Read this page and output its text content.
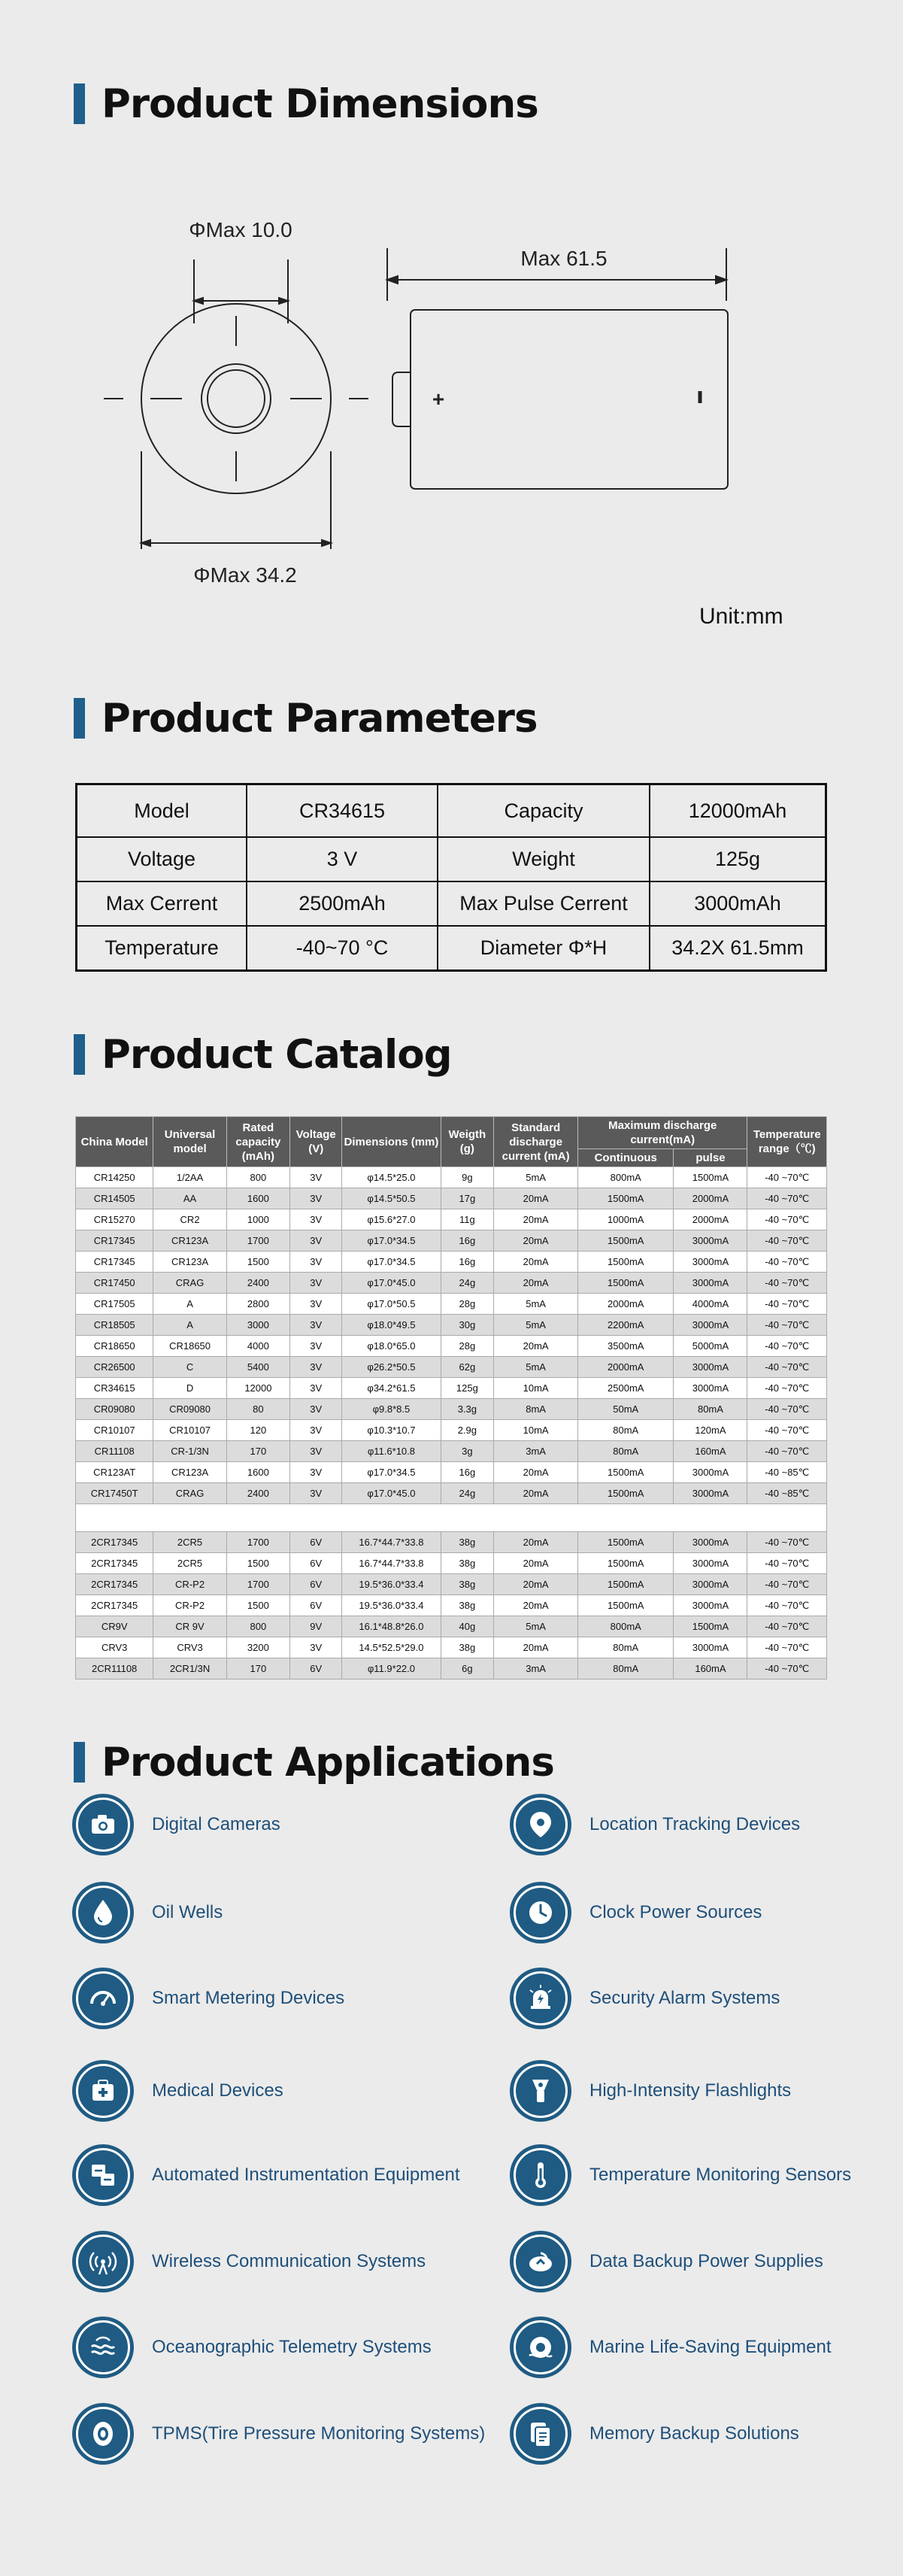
Product Dimensions
ΦMax 10.0
ΦMax 34.2
Max 61.5
+
Unit:mm
Product Parameters
Model	CR34615	Capacity	12000mAh
Voltage	3 V	Weight	125g
Max Cerrent	2500mAh	Max Pulse Cerrent	3000mAh
Temperature	-40~70 °C	Diameter Φ*H	34.2X 61.5mm
Product Catalog
China Model	Universal model	Rated capacity (mAh)	Voltage (V)	Dimensions (mm)	Weigth (g)	Standard discharge current (mA)	Maximum discharge current(mA)		Temperature range（℃)
							Continuous	pulse	
CR14250	1/2AA	800	3V	φ14.5*25.0	9g	5mA	800mA	1500mA	-40 ~70℃
CR14505	AA	1600	3V	φ14.5*50.5	17g	20mA	1500mA	2000mA	-40 ~70℃
CR15270	CR2	1000	3V	φ15.6*27.0	11g	20mA	1000mA	2000mA	-40 ~70℃
CR17345	CR123A	1700	3V	φ17.0*34.5	16g	20mA	1500mA	3000mA	-40 ~70℃
CR17345	CR123A	1500	3V	φ17.0*34.5	16g	20mA	1500mA	3000mA	-40 ~70℃
CR17450	CRAG	2400	3V	φ17.0*45.0	24g	20mA	1500mA	3000mA	-40 ~70℃
CR17505	A	2800	3V	φ17.0*50.5	28g	5mA	2000mA	4000mA	-40 ~70℃
CR18505	A	3000	3V	φ18.0*49.5	30g	5mA	2200mA	3000mA	-40 ~70℃
CR18650	CR18650	4000	3V	φ18.0*65.0	28g	20mA	3500mA	5000mA	-40 ~70℃
CR26500	C	5400	3V	φ26.2*50.5	62g	5mA	2000mA	3000mA	-40 ~70℃
CR34615	D	12000	3V	φ34.2*61.5	125g	10mA	2500mA	3000mA	-40 ~70℃
CR09080	CR09080	80	3V	φ9.8*8.5	3.3g	8mA	50mA	80mA	-40 ~70℃
CR10107	CR10107	120	3V	φ10.3*10.7	2.9g	10mA	80mA	120mA	-40 ~70℃
CR11108	CR-1/3N	170	3V	φ11.6*10.8	3g	3mA	80mA	160mA	-40 ~70℃
CR123AT	CR123A	1600	3V	φ17.0*34.5	16g	20mA	1500mA	3000mA	-40 ~85℃
CR17450T	CRAG	2400	3V	φ17.0*45.0	24g	20mA	1500mA	3000mA	-40 ~85℃

2CR17345	2CR5	1700	6V	16.7*44.7*33.8	38g	20mA	1500mA	3000mA	-40 ~70℃
2CR17345	2CR5	1500	6V	16.7*44.7*33.8	38g	20mA	1500mA	3000mA	-40 ~70℃
2CR17345	CR-P2	1700	6V	19.5*36.0*33.4	38g	20mA	1500mA	3000mA	-40 ~70℃
2CR17345	CR-P2	1500	6V	19.5*36.0*33.4	38g	20mA	1500mA	3000mA	-40 ~70℃
CR9V	CR 9V	800	9V	16.1*48.8*26.0	40g	5mA	800mA	1500mA	-40 ~70℃
CRV3	CRV3	3200	3V	14.5*52.5*29.0	38g	20mA	80mA	3000mA	-40 ~70℃
2CR11108	2CR1/3N	170	6V	φ11.9*22.0	6g	3mA	80mA	160mA	-40 ~70℃
Product Applications
Digital Cameras	Location Tracking Devices
Oil Wells	Clock Power Sources
Smart Metering Devices	Security Alarm Systems
Medical Devices	High-Intensity Flashlights
Automated Instrumentation Equipment	Temperature Monitoring Sensors
Wireless Communication Systems	Data Backup Power Supplies
Oceanographic Telemetry Systems	Marine Life-Saving Equipment
TPMS(Tire Pressure Monitoring Systems)	Memory Backup Solutions
